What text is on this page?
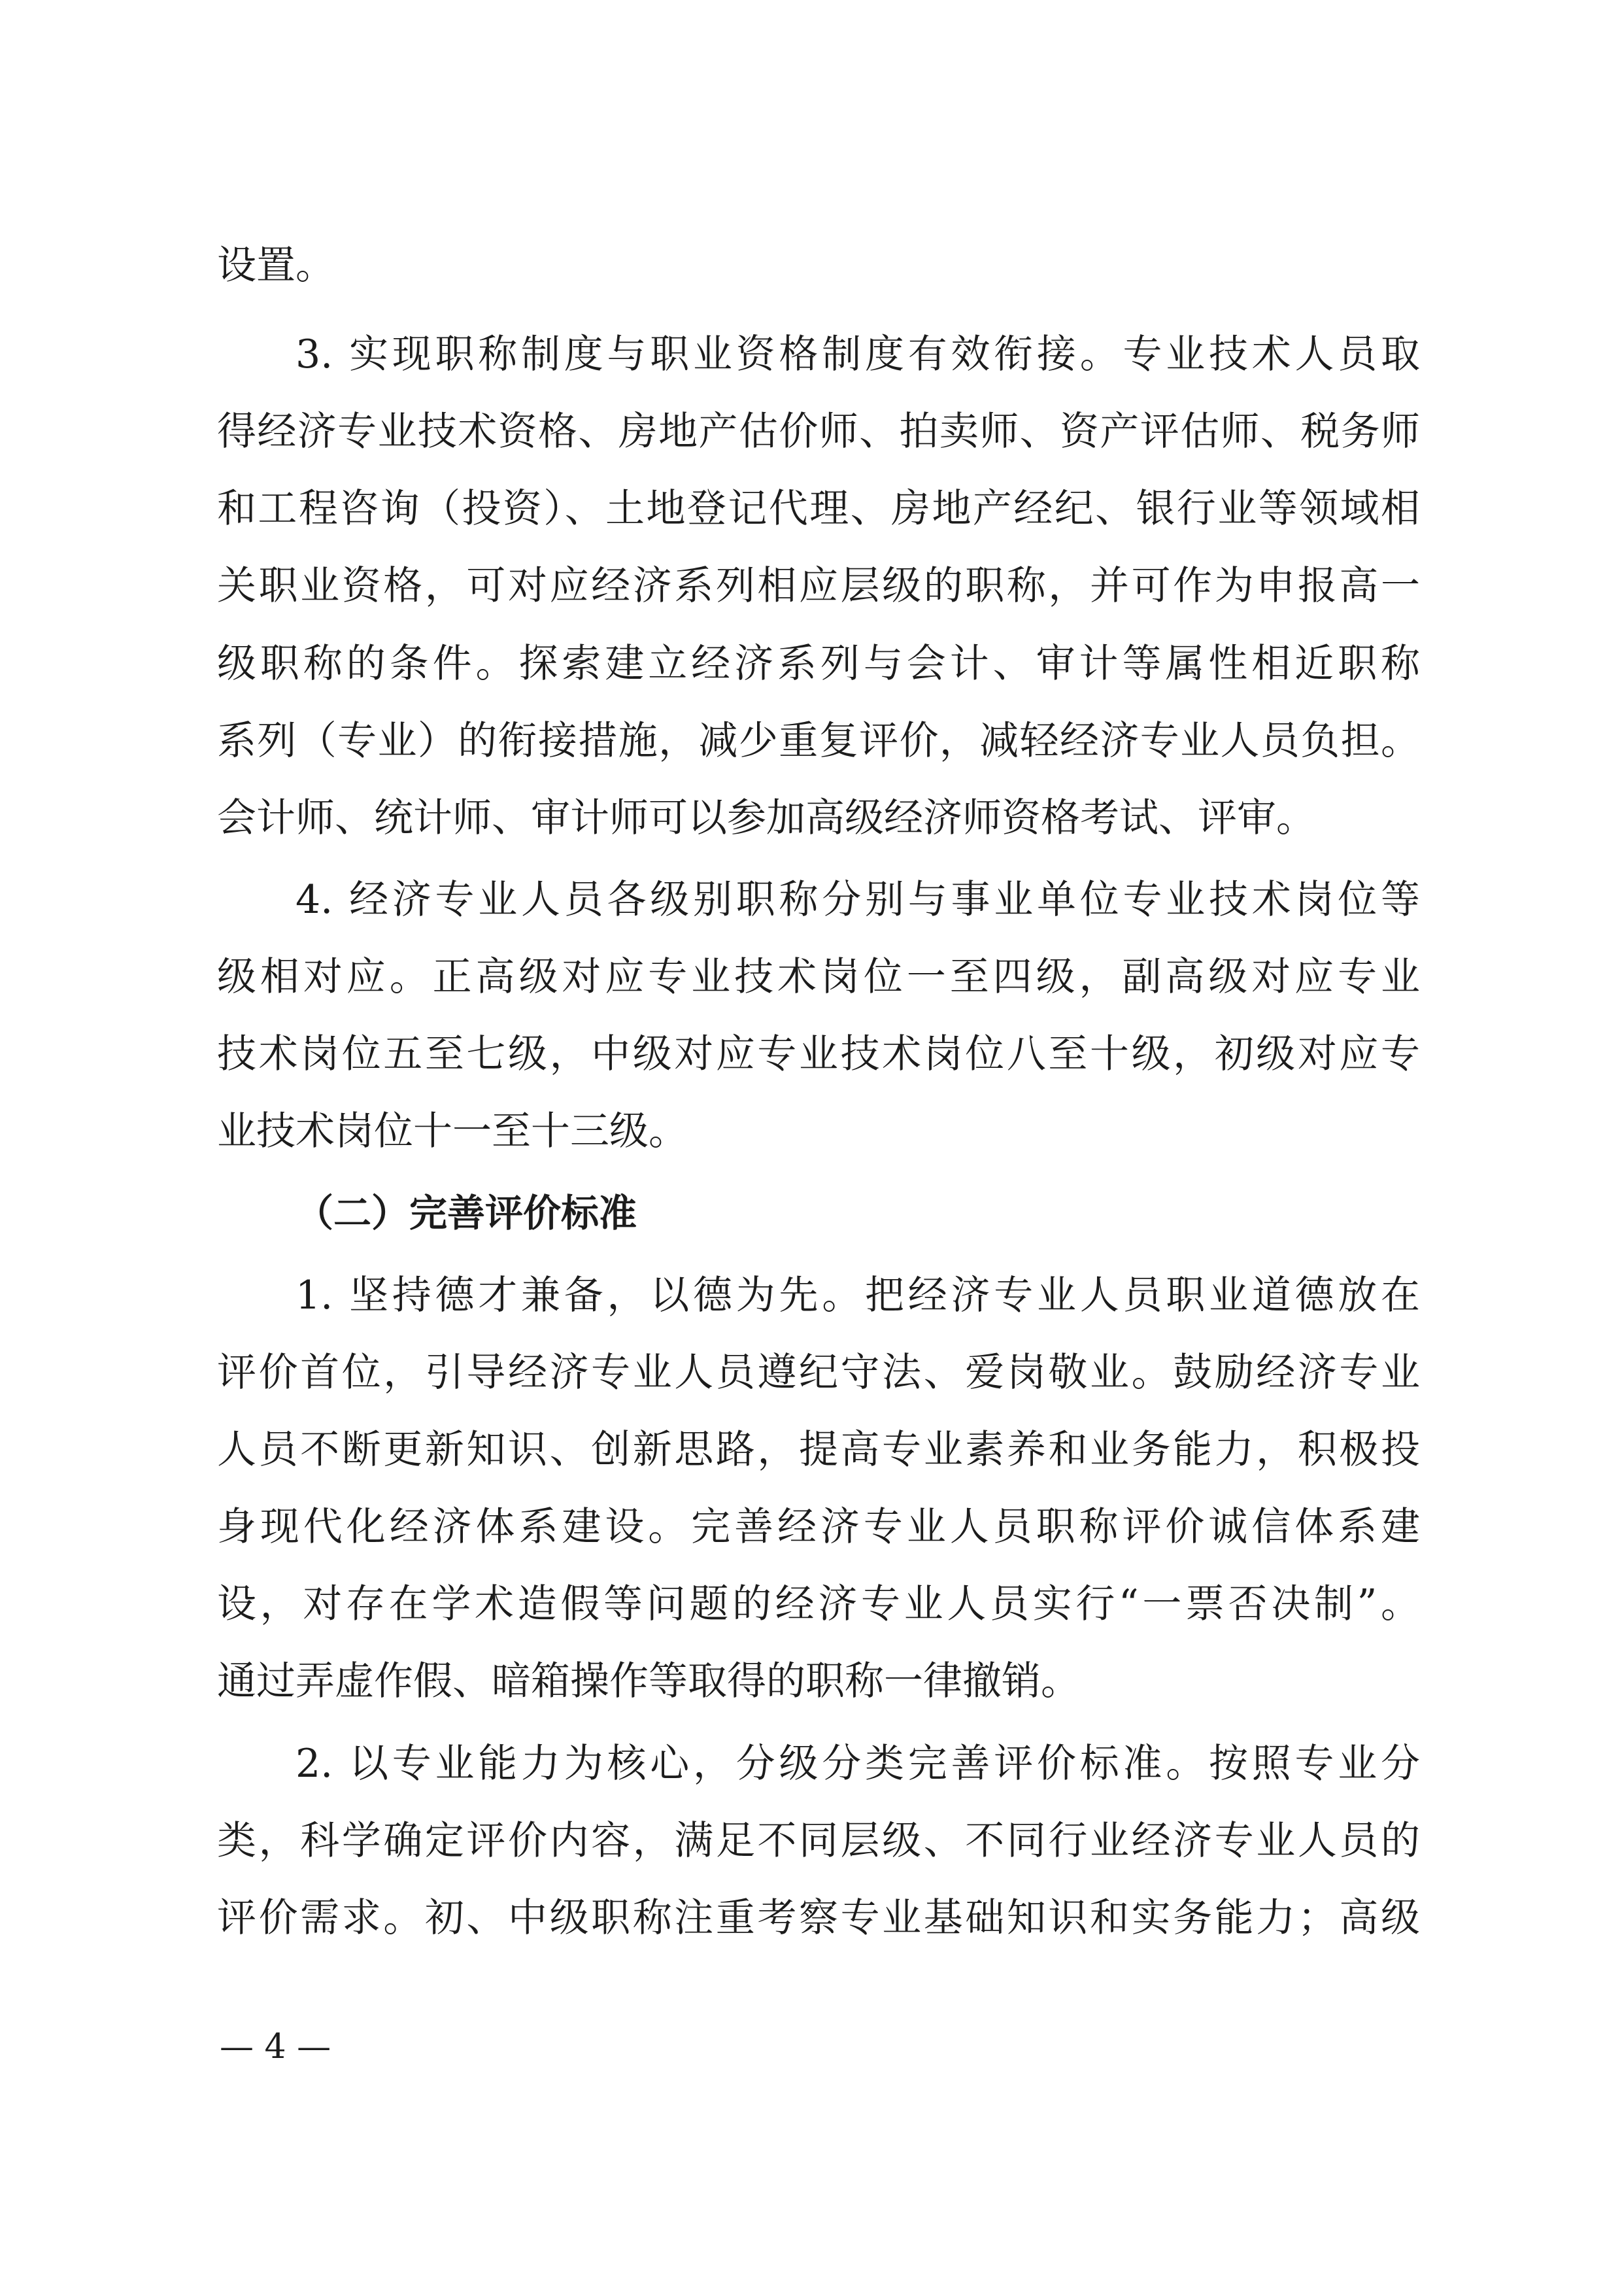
设置。
3. 实现职称制度与职业资格制度有效衔接。专业技术人员取
得经济专业技术资格、房地产估价师、拍卖师、资产评估师、税务师
和工程咨询（投资）、土地登记代理、房地产经纪、银行业等领域相
关职业资格，可对应经济系列相应层级的职称，并可作为申报高一
级职称的条件。探索建立经济系列与会计、审计等属性相近职称
系列（专业）的衔接措施，减少重复评价，减轻经济专业人员负担。
会计师、统计师、审计师可以参加高级经济师资格考试、评审。
4. 经济专业人员各级别职称分别与事业单位专业技术岗位等
级相对应。正高级对应专业技术岗位一至四级，副高级对应专业
技术岗位五至七级，中级对应专业技术岗位八至十级，初级对应专
业技术岗位十一至十三级。
（二）完善评价标准
1. 坚持德才兼备，以德为先。把经济专业人员职业道德放在
评价首位，引导经济专业人员遵纪守法、爱岗敬业。鼓励经济专业
人员不断更新知识、创新思路，提高专业素养和业务能力，积极投
身现代化经济体系建设。完善经济专业人员职称评价诚信体系建
设，对存在学术造假等问题的经济专业人员实行“一票否决制”。
通过弄虚作假、暗箱操作等取得的职称一律撤销。
2. 以专业能力为核心，分级分类完善评价标准。按照专业分
类，科学确定评价内容，满足不同层级、不同行业经济专业人员的
评价需求。初、中级职称注重考察专业基础知识和实务能力；高级
— 4 —
